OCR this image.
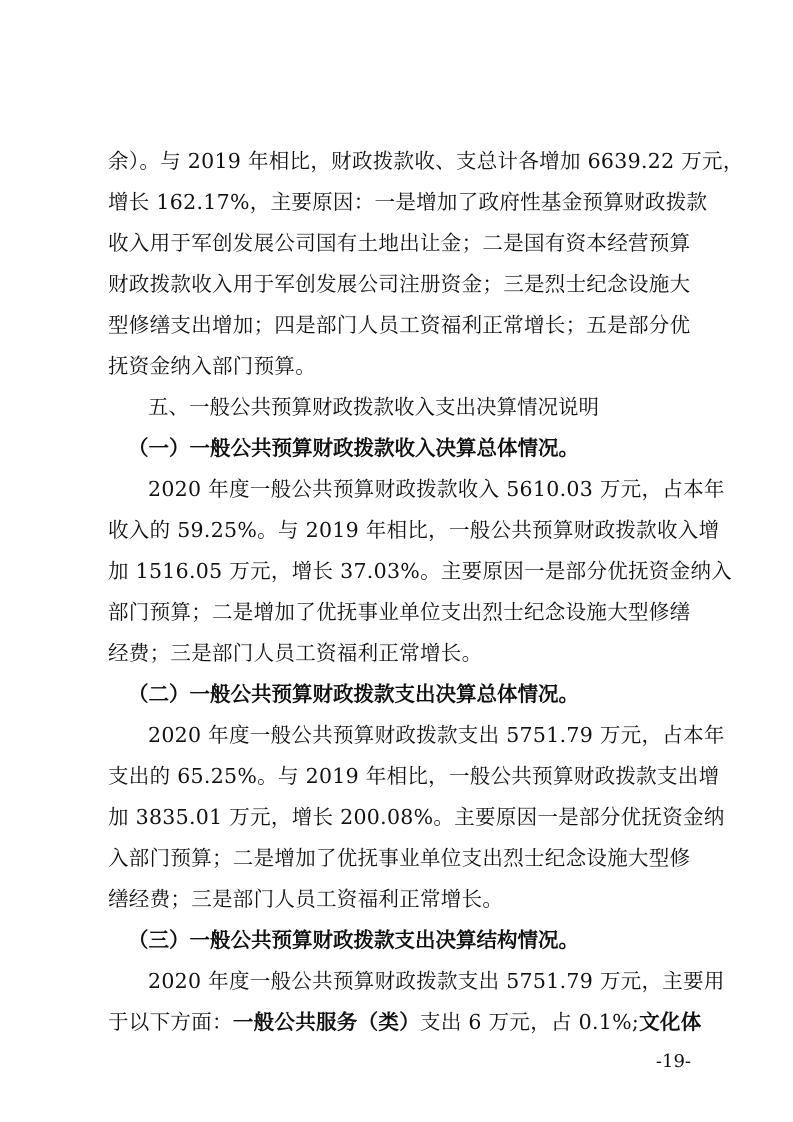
余）。与 2019 年相比，财政拨款收、支总计各增加 6639.22 万元，
增长 162.17%，主要原因：一是增加了政府性基金预算财政拨款
收入用于军创发展公司国有土地出让金；二是国有资本经营预算
财政拨款收入用于军创发展公司注册资金；三是烈士纪念设施大
型修缮支出增加；四是部门人员工资福利正常增长；五是部分优
抚资金纳入部门预算。
五、一般公共预算财政拨款收入支出决算情况说明
（一）一般公共预算财政拨款收入决算总体情况。
2020 年度一般公共预算财政拨款收入 5610.03 万元，占本年
收入的 59.25%。与 2019 年相比，一般公共预算财政拨款收入增
加 1516.05 万元，增长 37.03%。主要原因一是部分优抚资金纳入
部门预算；二是增加了优抚事业单位支出烈士纪念设施大型修缮
经费；三是部门人员工资福利正常增长。
（二）一般公共预算财政拨款支出决算总体情况。
2020 年度一般公共预算财政拨款支出 5751.79 万元，占本年
支出的 65.25%。与 2019 年相比，一般公共预算财政拨款支出增
加 3835.01 万元，增长 200.08%。主要原因一是部分优抚资金纳
入部门预算；二是增加了优抚事业单位支出烈士纪念设施大型修
缮经费；三是部门人员工资福利正常增长。
（三）一般公共预算财政拨款支出决算结构情况。
2020 年度一般公共预算财政拨款支出 5751.79 万元，主要用
于以下方面： 一般公共服务（类） 支出 6 万元，占 0.1%; 文化体
-19-
